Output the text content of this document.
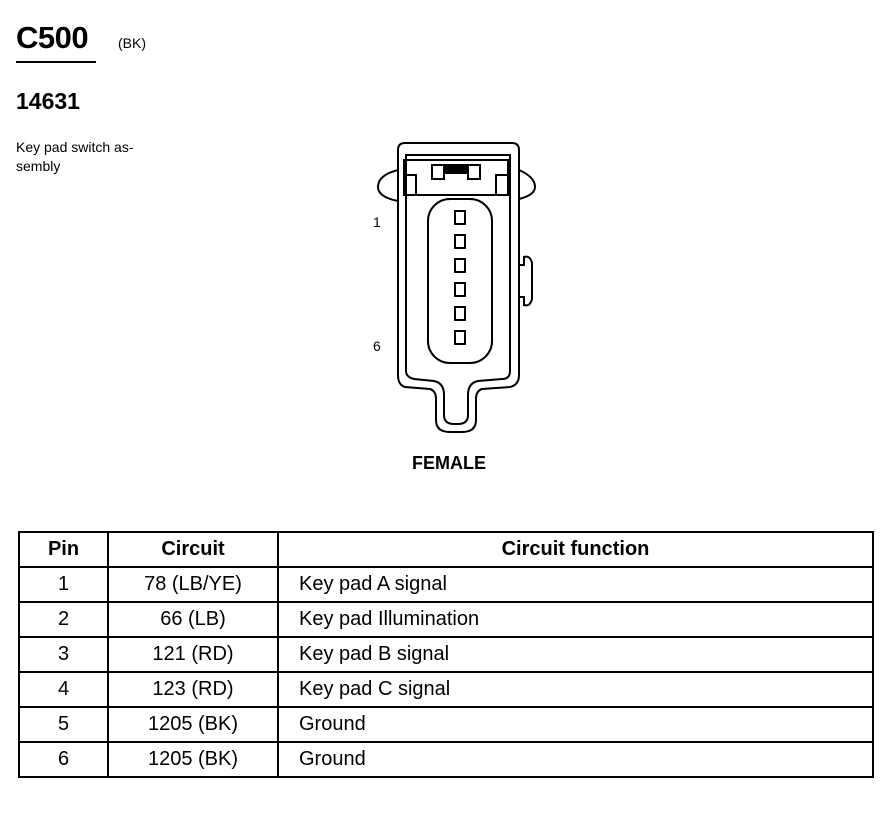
C500 (BK)
14631
Key pad switch as-sembly
1
6
FEMALE
Pin	Circuit	Circuit function
1	78 (LB/YE)	Key pad A signal
2	66 (LB)	Key pad Illumination
3	121 (RD)	Key pad B signal
4	123 (RD)	Key pad C signal
5	1205 (BK)	Ground
6	1205 (BK)	Ground
